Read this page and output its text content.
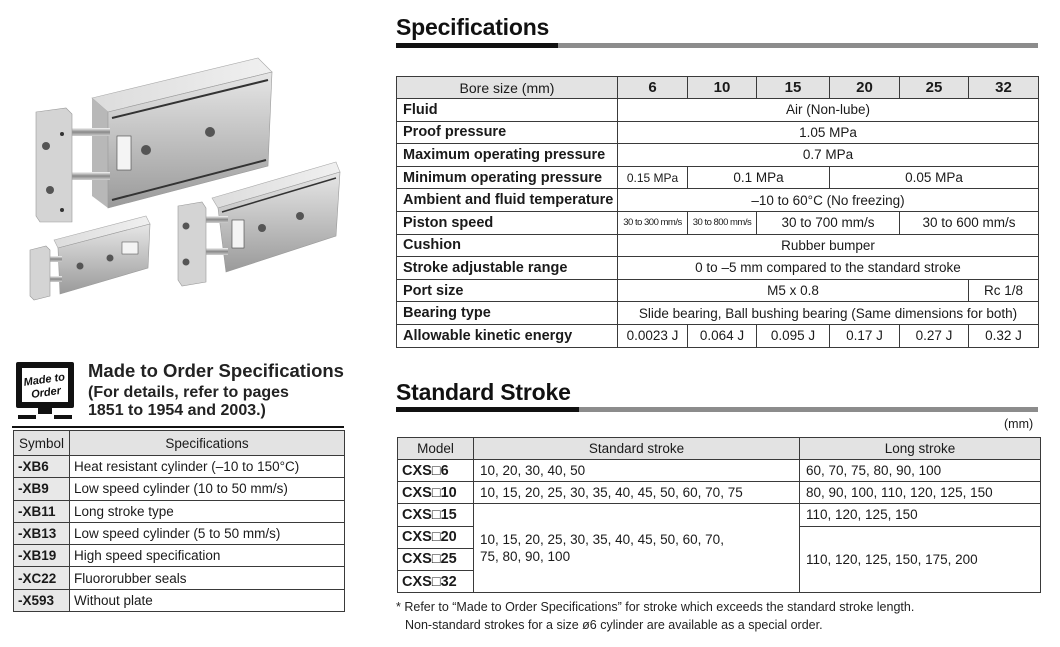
Specifications
Bore size (mm)	6	10	15	20	25	32
Fluid	Air (Non-lube)					
Proof pressure	1.05 MPa					
Maximum operating pressure	0.7 MPa					
Minimum operating pressure	0.15 MPa	0.1 MPa		0.05 MPa		
Ambient and fluid temperature	–10 to 60°C (No freezing)					
Piston speed	30 to 300 mm/s	30 to 800 mm/s	30 to 700 mm/s		30 to 600 mm/s	
Cushion	Rubber bumper					
Stroke adjustable range	0 to –5 mm compared to the standard stroke					
Port size	M5 x 0.8					Rc 1/8
Bearing type	Slide bearing, Ball bushing bearing (Same dimensions for both)					
Allowable kinetic energy	0.0023 J	0.064 J	0.095 J	0.17 J	0.27 J	0.32 J
Standard Stroke
(mm)
Model	Standard stroke	Long stroke
CXS□6	10, 20, 30, 40, 50	60, 70, 75, 80, 90, 100
CXS□10	10, 15, 20, 25, 30, 35, 40, 45, 50, 60, 70, 75	80, 90, 100, 110, 120, 125, 150
CXS□15	10, 15, 20, 25, 30, 35, 40, 45, 50, 60, 70, 75, 80, 90, 100	110, 120, 125, 150
CXS□20		110, 120, 125, 150, 175, 200
CXS□25		
CXS□32		
* Refer to “Made to Order Specifications” for stroke which exceeds the standard stroke length.
Non-standard strokes for a size ø6 cylinder are available as a special order.
Made to
Order
Made to Order Specifications
(For details, refer to pages
1851 to 1954 and 2003.)
Symbol	Specifications
-XB6	Heat resistant cylinder (–10 to 150°C)
-XB9	Low speed cylinder (10 to 50 mm/s)
-XB11	Long stroke type
-XB13	Low speed cylinder (5 to 50 mm/s)
-XB19	High speed specification
-XC22	Fluororubber seals
-X593	Without plate
